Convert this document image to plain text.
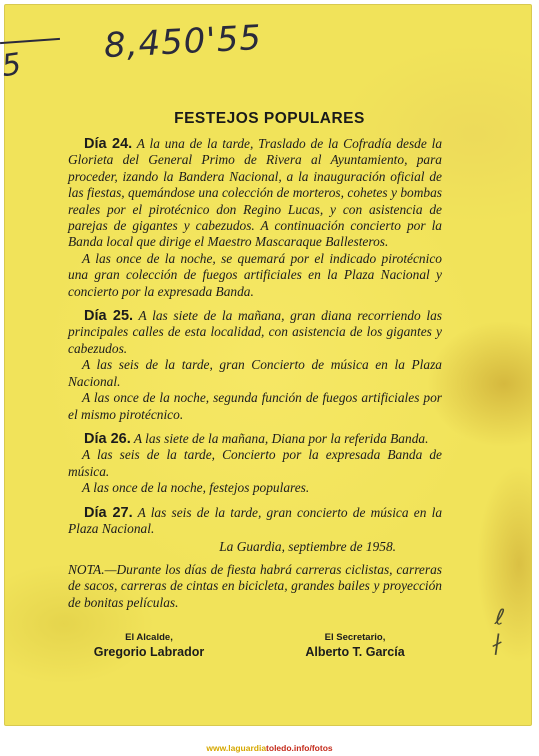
5 8,450'55
ℓ
∤
FESTEJOS POPULARES

Día 24. A la una de la tarde, Traslado de la Cofradía desde la Glorieta del General Primo de Rivera al Ayuntamiento, para proceder, izando la Bandera Nacional, a la inauguración oficial de las fiestas, quemándose una colección de morteros, cohetes y bombas reales por el pirotécnico don Regino Lucas, y con asistencia de parejas de gigantes y cabezudos. A continuación concierto por la Banda local que dirige el Maestro Mascaraque Ballesteros.

A las once de la noche, se quemará por el indicado pirotécnico una gran colección de fuegos artificiales en la Plaza Nacional y concierto por la expresada Banda.

Día 25. A las siete de la mañana, gran diana recorriendo las principales calles de esta localidad, con asistencia de los gigantes y cabezudos.

A las seis de la tarde, gran Concierto de música en la Plaza Nacional.

A las once de la noche, segunda función de fuegos artificiales por el mismo pirotécnico.

Día 26. A las siete de la mañana, Diana por la referida Banda.

A las seis de la tarde, Concierto por la expresada Banda de música.

A las once de la noche, festejos populares.

Día 27. A las seis de la tarde, gran concierto de música en la Plaza Nacional.

La Guardia, septiembre de 1958.

NOTA.—Durante los días de fiesta habrá carreras ciclistas, carreras de sacos, carreras de cintas en bicicleta, grandes bailes y proyección de bonitas películas.

El Alcalde,
Gregorio Labrador
El Secretario,
Alberto T. García
www.laguardiatoledo.info/fotos
